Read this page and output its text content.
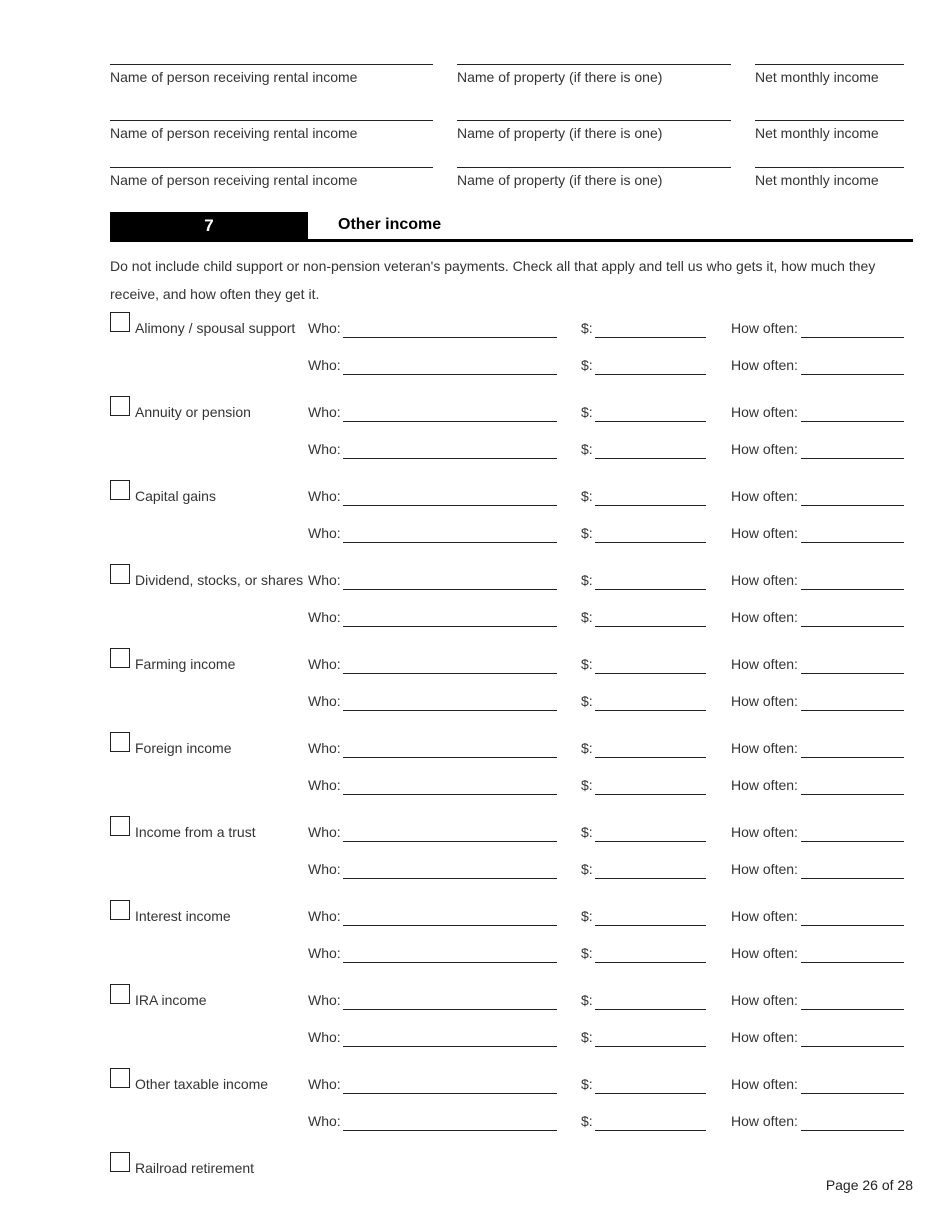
Name of person receiving rental income	Name of property (if there is one)	Net monthly income
Name of person receiving rental income	Name of property (if there is one)	Net monthly income
Name of person receiving rental income	Name of property (if there is one)	Net monthly income
7	Other income
Do not include child support or non-pension veteran's payments. Check all that apply and tell us who gets it, how much they receive, and how often they get it.
Alimony / spousal support Who:	$:	How often:
Who:	$:	How often:
Annuity or pension	Who:	$:	How often:
Who:	$:	How often:
Capital gains	Who:	$:	How often:
Who:	$:	How often:
Dividend, stocks, or shares Who:	$:	How often:
Who:	$:	How often:
Farming income	Who:	$:	How often:
Who:	$:	How often:
Foreign income	Who:	$:	How often:
Who:	$:	How often:
Income from a trust	Who:	$:	How often:
Who:	$:	How often:
Interest income	Who:	$:	How often:
Who:	$:	How often:
IRA income	Who:	$:	How often:
Who:	$:	How often:
Other taxable income	Who:	$:	How often:
Who:	$:	How often:
Railroad retirement
Page 26 of 28
